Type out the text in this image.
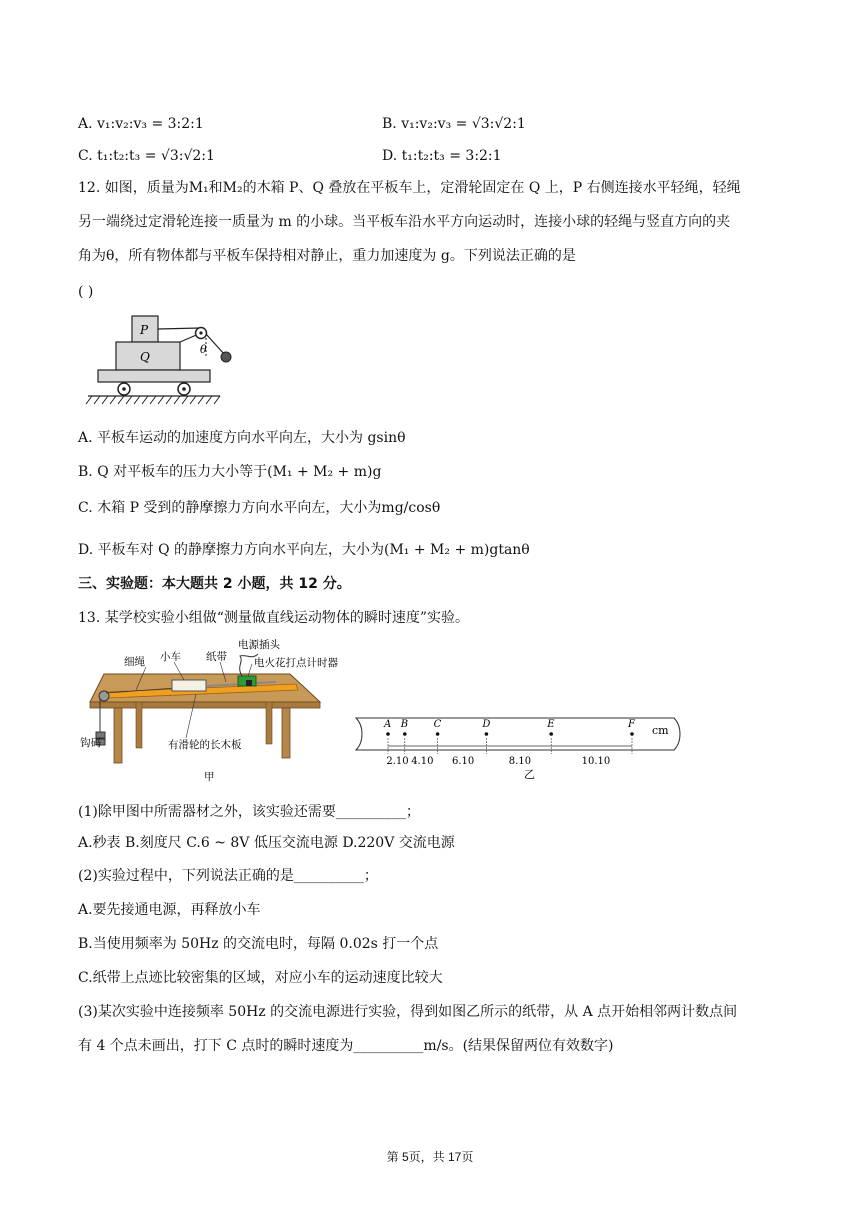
A. v₁:v₂:v₃ = 3:2:1	B. v₁:v₂:v₃ = √3:√2:1
C. t₁:t₂:t₃ = √3:√2:1	D. t₁:t₂:t₃ = 3:2:1
12. 如图，质量为M₁和M₂的木箱 P、Q 叠放在平板车上，定滑轮固定在 Q 上，P 右侧连接水平轻绳，轻绳
另一端绕过定滑轮连接一质量为 m 的小球。当平板车沿水平方向运动时，连接小球的轻绳与竖直方向的夹
角为θ，所有物体都与平板车保持相对静止，重力加速度为 g。下列说法正确的是
( )
P
Q
θ
A. 平板车运动的加速度方向水平向左，大小为 gsinθ
B. Q 对平板车的压力大小等于(M₁ + M₂ + m)g
C. 木箱 P 受到的静摩擦力方向水平向左，大小为mg/cosθ
D. 平板车对 Q 的静摩擦力方向水平向左，大小为(M₁ + M₂ + m)gtanθ
三、实验题：本大题共 2 小题，共 12 分。
13. 某学校实验小组做“测量做直线运动物体的瞬时速度”实验。
电源插头
小车 纸带
细绳	电火花打点计时器
钩码	有滑轮的长木板
甲
A B	C	D	E	F
2.10 4.10 6.10	8.10	10.10
cm
乙
(1)除甲图中所需器材之外，该实验还需要__________；
A.秒表 B.刻度尺 C.6 ~ 8V 低压交流电源 D.220V 交流电源
(2)实验过程中，下列说法正确的是__________；
A.要先接通电源，再释放小车
B.当使用频率为 50Hz 的交流电时，每隔 0.02s 打一个点
C.纸带上点迹比较密集的区域，对应小车的运动速度比较大
(3)某次实验中连接频率 50Hz 的交流电源进行实验，得到如图乙所示的纸带，从 A 点开始相邻两计数点间
有 4 个点未画出，打下 C 点时的瞬时速度为__________m/s。(结果保留两位有效数字)
第 5页，共 17页
